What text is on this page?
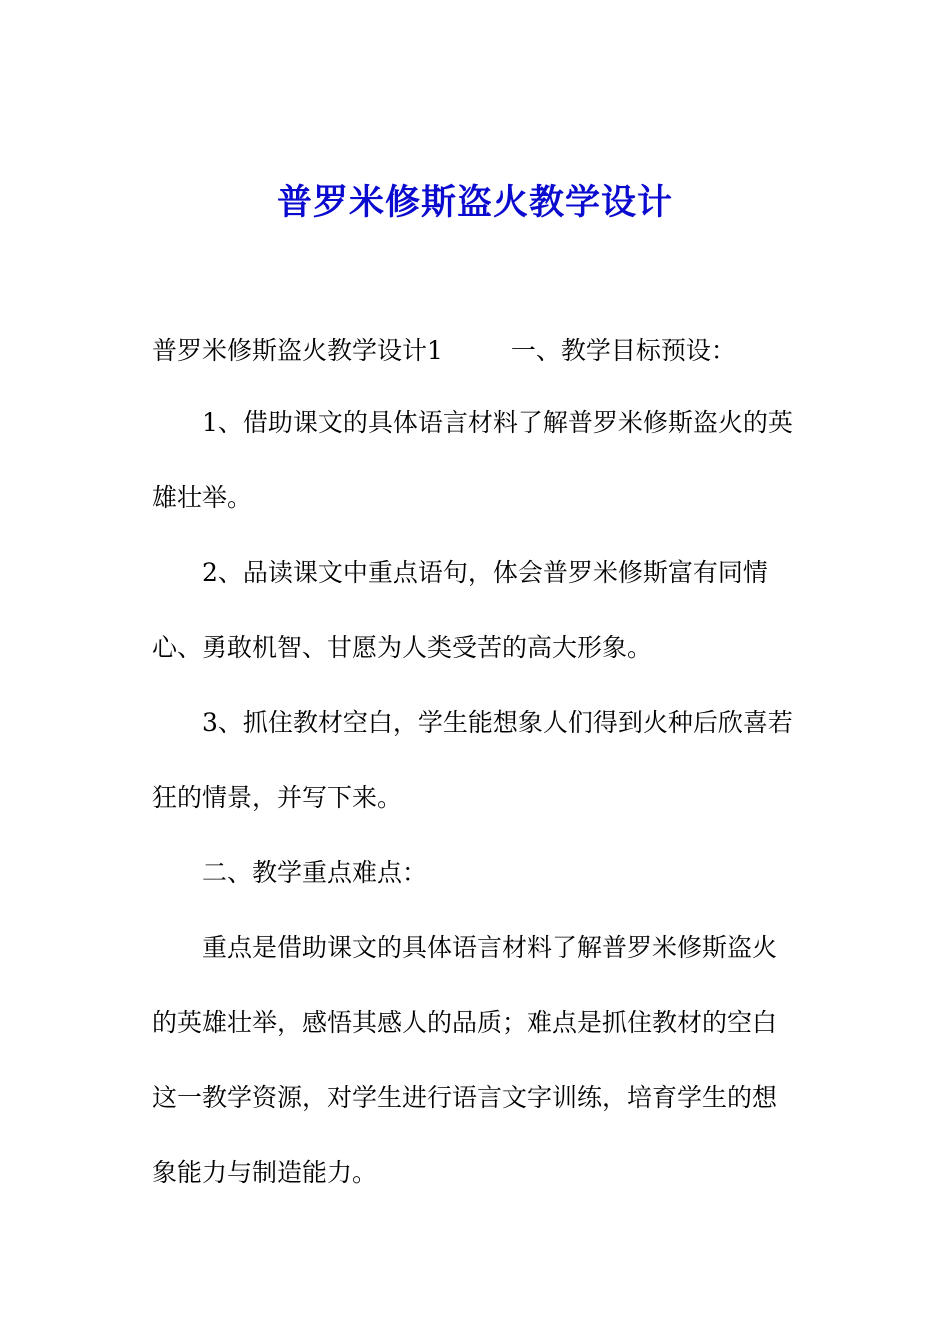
普罗米修斯盗火教学设计
普罗米修斯盗火教学设计1	一、教学目标预设：
1、借助课文的具体语言材料了解普罗米修斯盗火的英
雄壮举。
2、品读课文中重点语句，体会普罗米修斯富有同情
心、勇敢机智、甘愿为人类受苦的高大形象。
3、抓住教材空白，学生能想象人们得到火种后欣喜若
狂的情景，并写下来。
二、教学重点难点：
重点是借助课文的具体语言材料了解普罗米修斯盗火
的英雄壮举，感悟其感人的品质；难点是抓住教材的空白
这一教学资源，对学生进行语言文字训练，培育学生的想
象能力与制造能力。
